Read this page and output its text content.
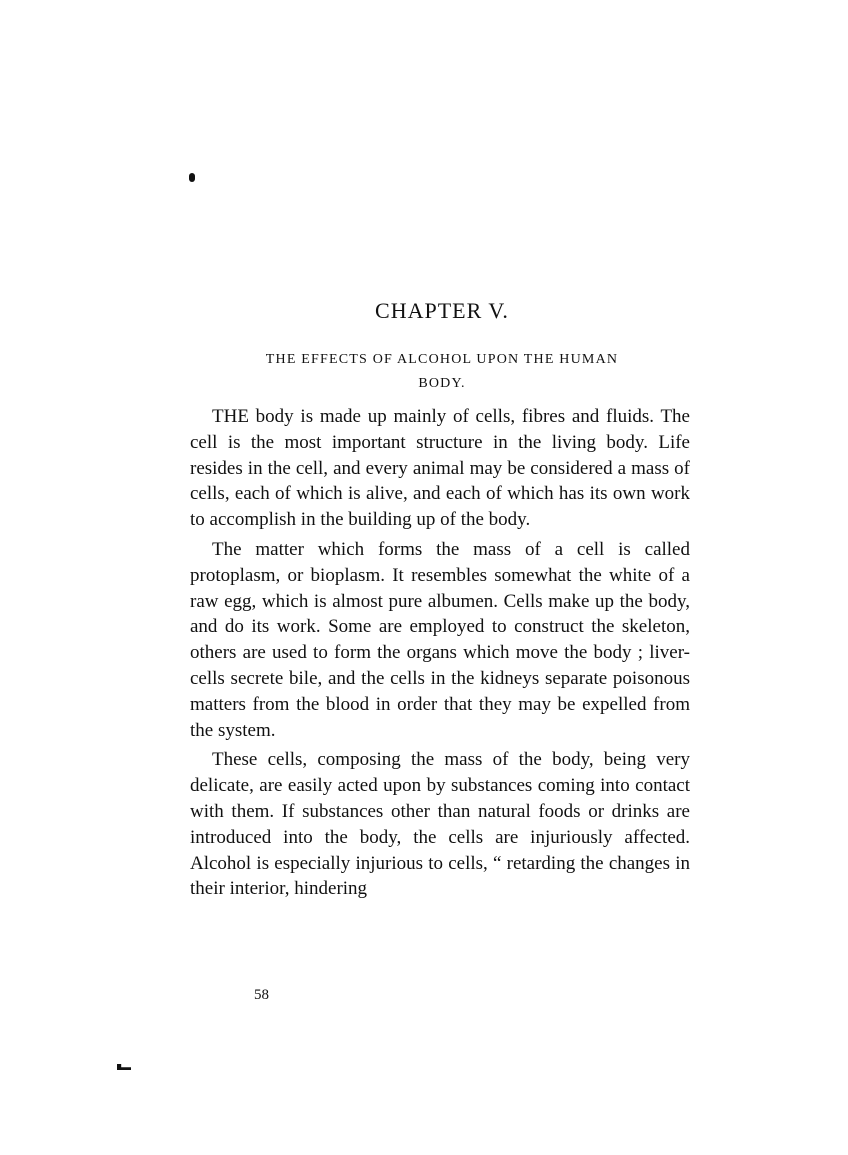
CHAPTER V.
THE EFFECTS OF ALCOHOL UPON THE HUMAN BODY.

THE body is made up mainly of cells, fibres and fluids. The cell is the most important structure in the living body. Life resides in the cell, and every animal may be considered a mass of cells, each of which is alive, and each of which has its own work to accomplish in the building up of the body.

The matter which forms the mass of a cell is called protoplasm, or bioplasm. It resembles somewhat the white of a raw egg, which is almost pure albumen. Cells make up the body, and do its work. Some are employed to construct the skeleton, others are used to form the organs which move the body ; liver-cells secrete bile, and the cells in the kidneys separate poisonous matters from the blood in order that they may be expelled from the system.

These cells, composing the mass of the body, being very delicate, are easily acted upon by substances coming into contact with them. If substances other than natural foods or drinks are introduced into the body, the cells are injuriously affected. Alcohol is especially injurious to cells, “ retarding the changes in their interior, hindering

58
